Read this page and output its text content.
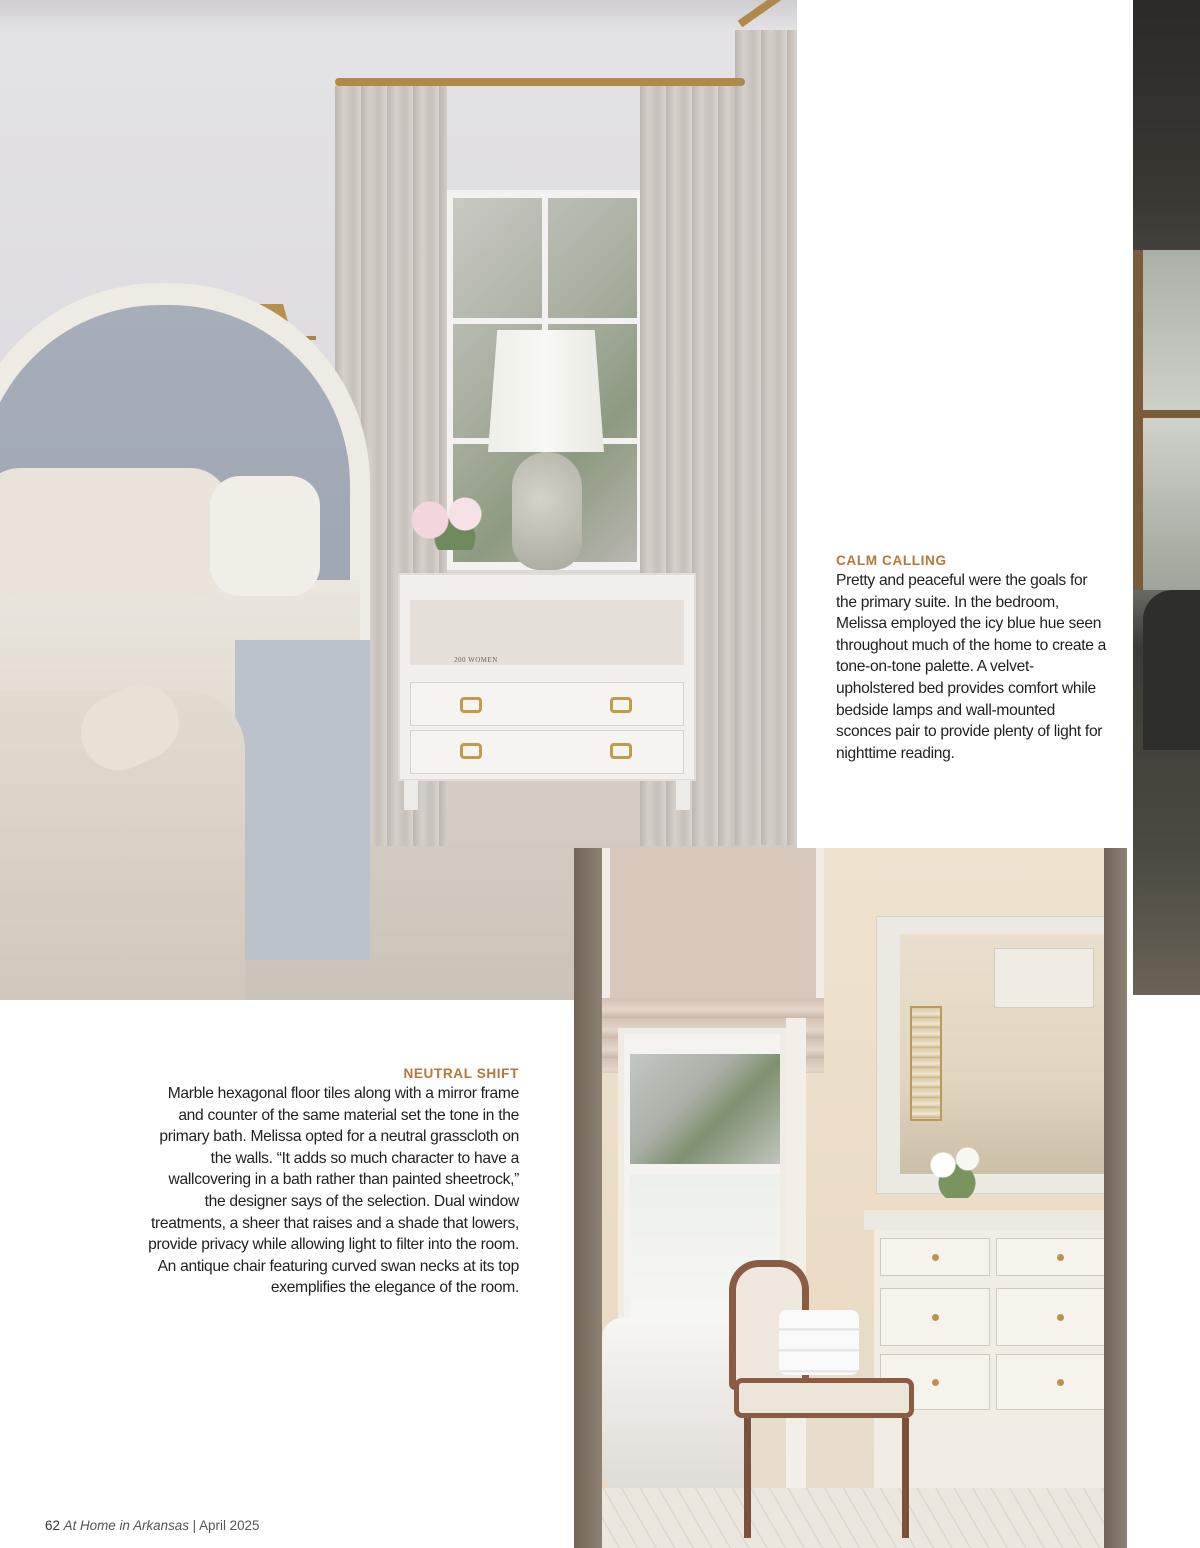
200 WOMEN
CALM CALLING
Pretty and peaceful were the goals for the primary suite. In the bedroom, Melissa employed the icy blue hue seen throughout much of the home to create a tone-on-tone palette. A velvet-upholstered bed provides comfort while bedside lamps and wall-mounted sconces pair to provide plenty of light for nighttime reading.
NEUTRAL SHIFT
Marble hexagonal floor tiles along with a mirror frame and counter of the same material set the tone in the primary bath. Melissa opted for a neutral grasscloth on the walls. “It adds so much character to have a wallcovering in a bath rather than painted sheetrock,” the designer says of the selection. Dual window treatments, a sheer that raises and a shade that lowers, provide privacy while allowing light to filter into the room. An antique chair featuring curved swan necks at its top exemplifies the elegance of the room.
62 At Home in Arkansas | April 2025
